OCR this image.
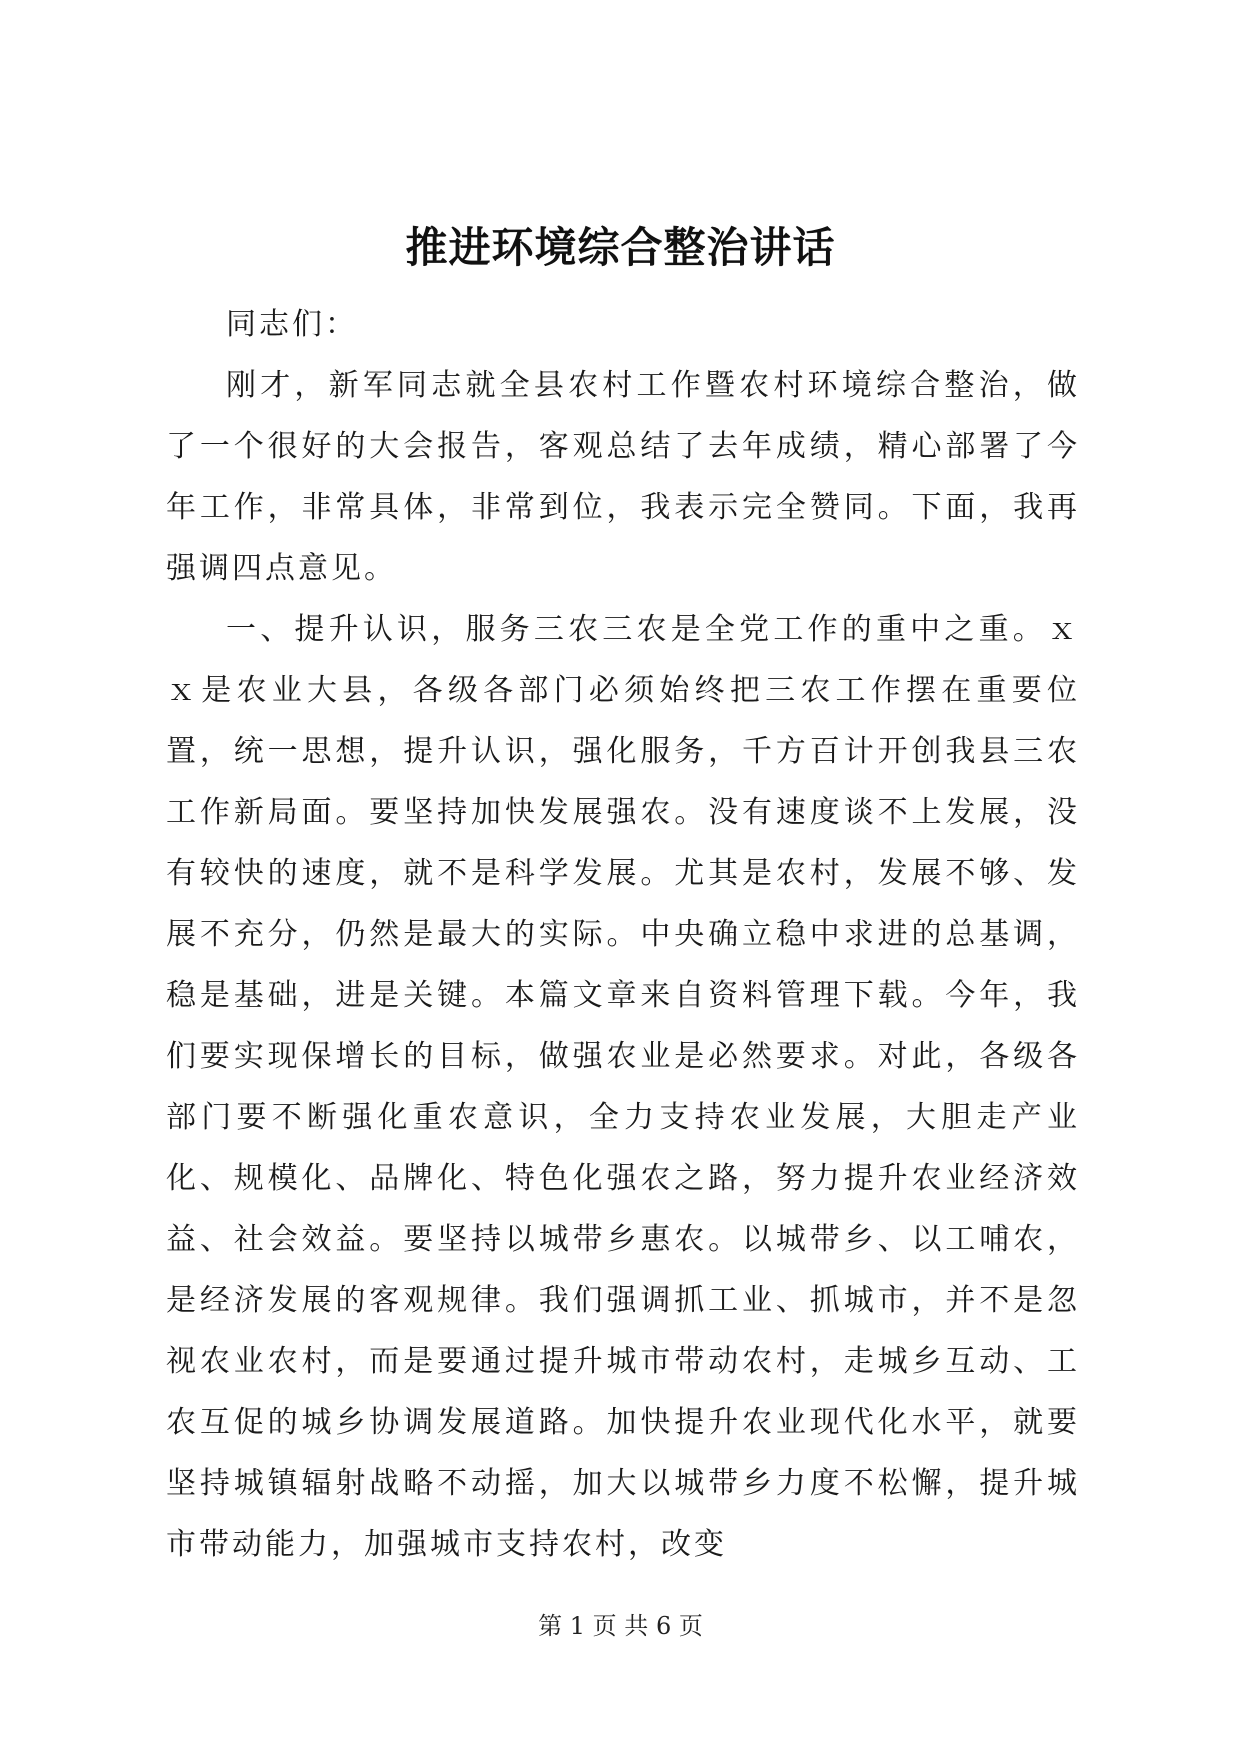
推进环境综合整治讲话

同志们：

刚才，新军同志就全县农村工作暨农村环境综合整治，做了一个很好的大会报告，客观总结了去年成绩，精心部署了今年工作，非常具体，非常到位，我表示完全赞同。下面，我再强调四点意见。

一、提升认识，服务三农三农是全党工作的重中之重。ｘｘ是农业大县，各级各部门必须始终把三农工作摆在重要位置，统一思想，提升认识，强化服务，千方百计开创我县三农工作新局面。要坚持加快发展强农。没有速度谈不上发展，没有较快的速度，就不是科学发展。尤其是农村，发展不够、发展不充分，仍然是最大的实际。中央确立稳中求进的总基调，稳是基础，进是关键。本篇文章来自资料管理下载。今年，我们要实现保增长的目标，做强农业是必然要求。对此，各级各部门要不断强化重农意识，全力支持农业发展，大胆走产业化、规模化、品牌化、特色化强农之路，努力提升农业经济效益、社会效益。要坚持以城带乡惠农。以城带乡、以工哺农，是经济发展的客观规律。我们强调抓工业、抓城市，并不是忽视农业农村，而是要通过提升城市带动农村，走城乡互动、工农互促的城乡协调发展道路。加快提升农业现代化水平，就要坚持城镇辐射战略不动摇，加大以城带乡力度不松懈，提升城市带动能力，加强城市支持农村，改变

第 1 页 共 6 页
